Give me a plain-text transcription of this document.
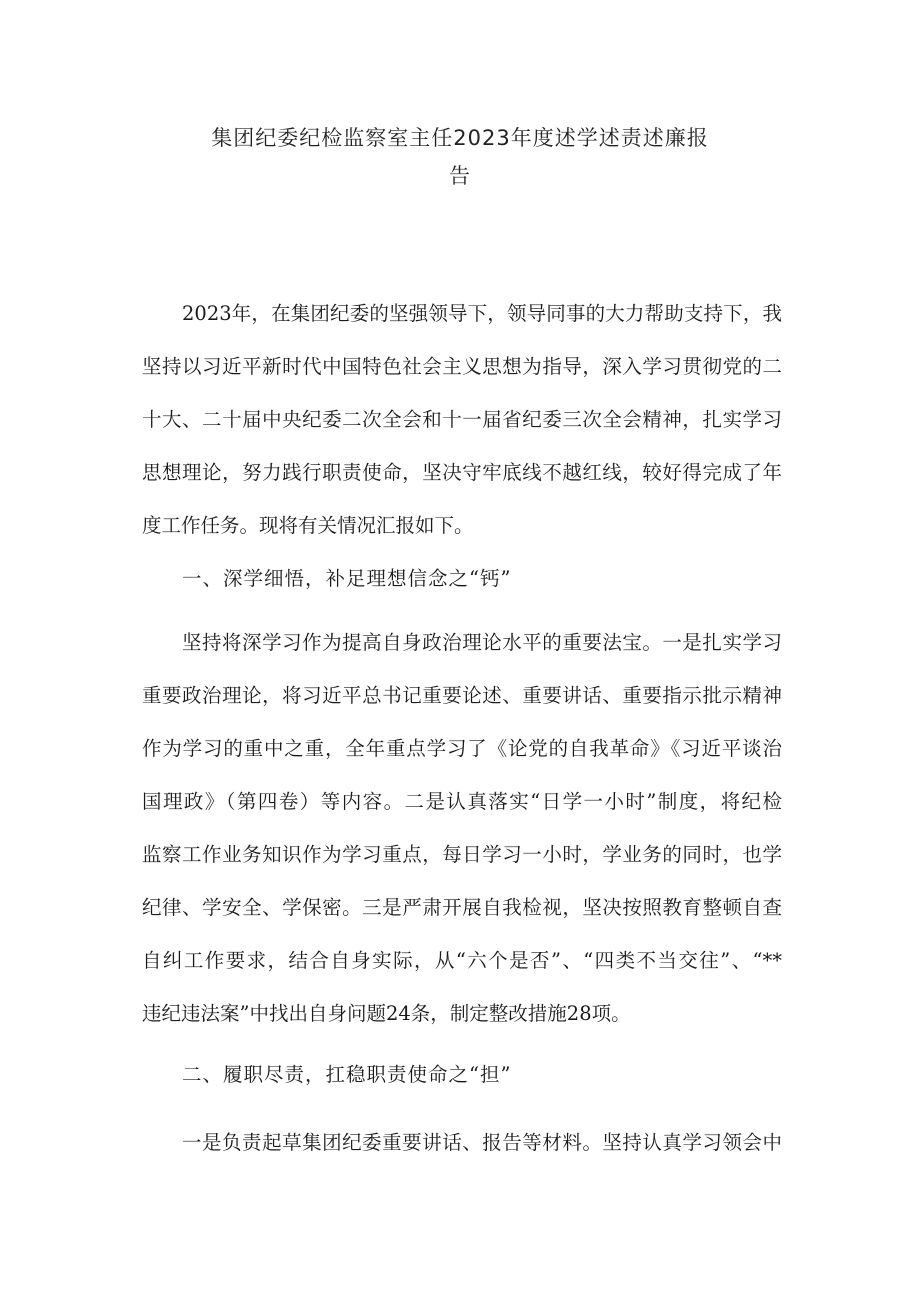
集团纪委纪检监察室主任2023年度述学述责述廉报
告
2023年，在集团纪委的坚强领导下，领导同事的大力帮助支持下，我
坚持以习近平新时代中国特色社会主义思想为指导，深入学习贯彻党的二
十大、二十届中央纪委二次全会和十一届省纪委三次全会精神，扎实学习
思想理论，努力践行职责使命，坚决守牢底线不越红线，较好得完成了年
度工作任务。现将有关情况汇报如下。
一、深学细悟，补足理想信念之“钙”
坚持将深学习作为提高自身政治理论水平的重要法宝。一是扎实学习
重要政治理论，将习近平总书记重要论述、重要讲话、重要指示批示精神
作为学习的重中之重，全年重点学习了《论党的自我革命》《习近平谈治
国理政》（第四卷）等内容。二是认真落实“日学一小时”制度，将纪检
监察工作业务知识作为学习重点，每日学习一小时，学业务的同时，也学
纪律、学安全、学保密。三是严肃开展自我检视，坚决按照教育整顿自查
自纠工作要求，结合自身实际，从“六个是否”、“四类不当交往”、“**
违纪违法案”中找出自身问题24条，制定整改措施28项。
二、履职尽责，扛稳职责使命之“担”
一是负责起草集团纪委重要讲话、报告等材料。坚持认真学习领会中
